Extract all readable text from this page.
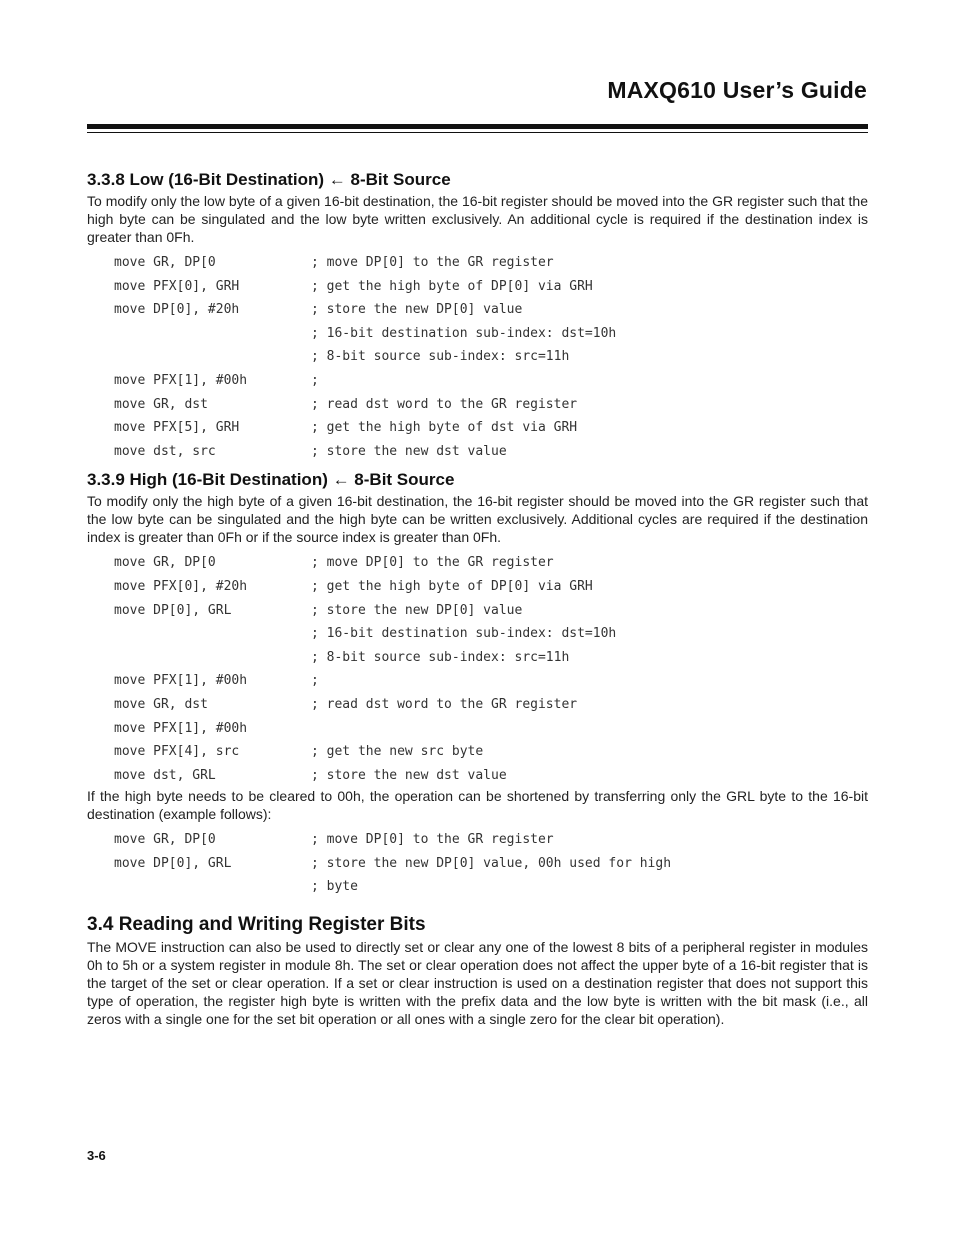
MAXQ610 User’s Guide
3.3.8 Low (16-Bit Destination) ← 8-Bit Source

To modify only the low byte of a given 16-bit destination, the 16-bit register should be moved into the GR register such that the high byte can be singulated and the low byte written exclusively. An additional cycle is required if the destination index is greater than 0Fh.

move GR, DP[0	; move DP[0] to the GR register
move PFX[0], GRH	; get the high byte of DP[0] via GRH
move DP[0], #20h	; store the new DP[0] value
; 16-bit destination sub-index: dst=10h
; 8-bit source sub-index: src=11h
move PFX[1], #00h	;
move GR, dst	; read dst word to the GR register
move PFX[5], GRH	; get the high byte of dst via GRH
move dst, src	; store the new dst value
3.3.9 High (16-Bit Destination) ← 8-Bit Source

To modify only the high byte of a given 16-bit destination, the 16-bit register should be moved into the GR register such that the low byte can be singulated and the high byte can be written exclusively. Additional cycles are required if the destination index is greater than 0Fh or if the source index is greater than 0Fh.

move GR, DP[0	; move DP[0] to the GR register
move PFX[0], #20h	; get the high byte of DP[0] via GRH
move DP[0], GRL	; store the new DP[0] value
; 16-bit destination sub-index: dst=10h
; 8-bit source sub-index: src=11h
move PFX[1], #00h	;
move GR, dst	; read dst word to the GR register
move PFX[1], #00h
move PFX[4], src	; get the new src byte
move dst, GRL	; store the new dst value

If the high byte needs to be cleared to 00h, the operation can be shortened by transferring only the GRL byte to the 16-bit destination (example follows):

move GR, DP[0	; move DP[0] to the GR register
move DP[0], GRL	; store the new DP[0] value, 00h used for high
; byte
3.4 Reading and Writing Register Bits

The MOVE instruction can also be used to directly set or clear any one of the lowest 8 bits of a peripheral register in modules 0h to 5h or a system register in module 8h. The set or clear operation does not affect the upper byte of a 16-bit register that is the target of the set or clear operation. If a set or clear instruction is used on a destination register that does not support this type of operation, the register high byte is written with the prefix data and the low byte is written with the bit mask (i.e., all zeros with a single one for the set bit operation or all ones with a single zero for the clear bit operation).

3-6
